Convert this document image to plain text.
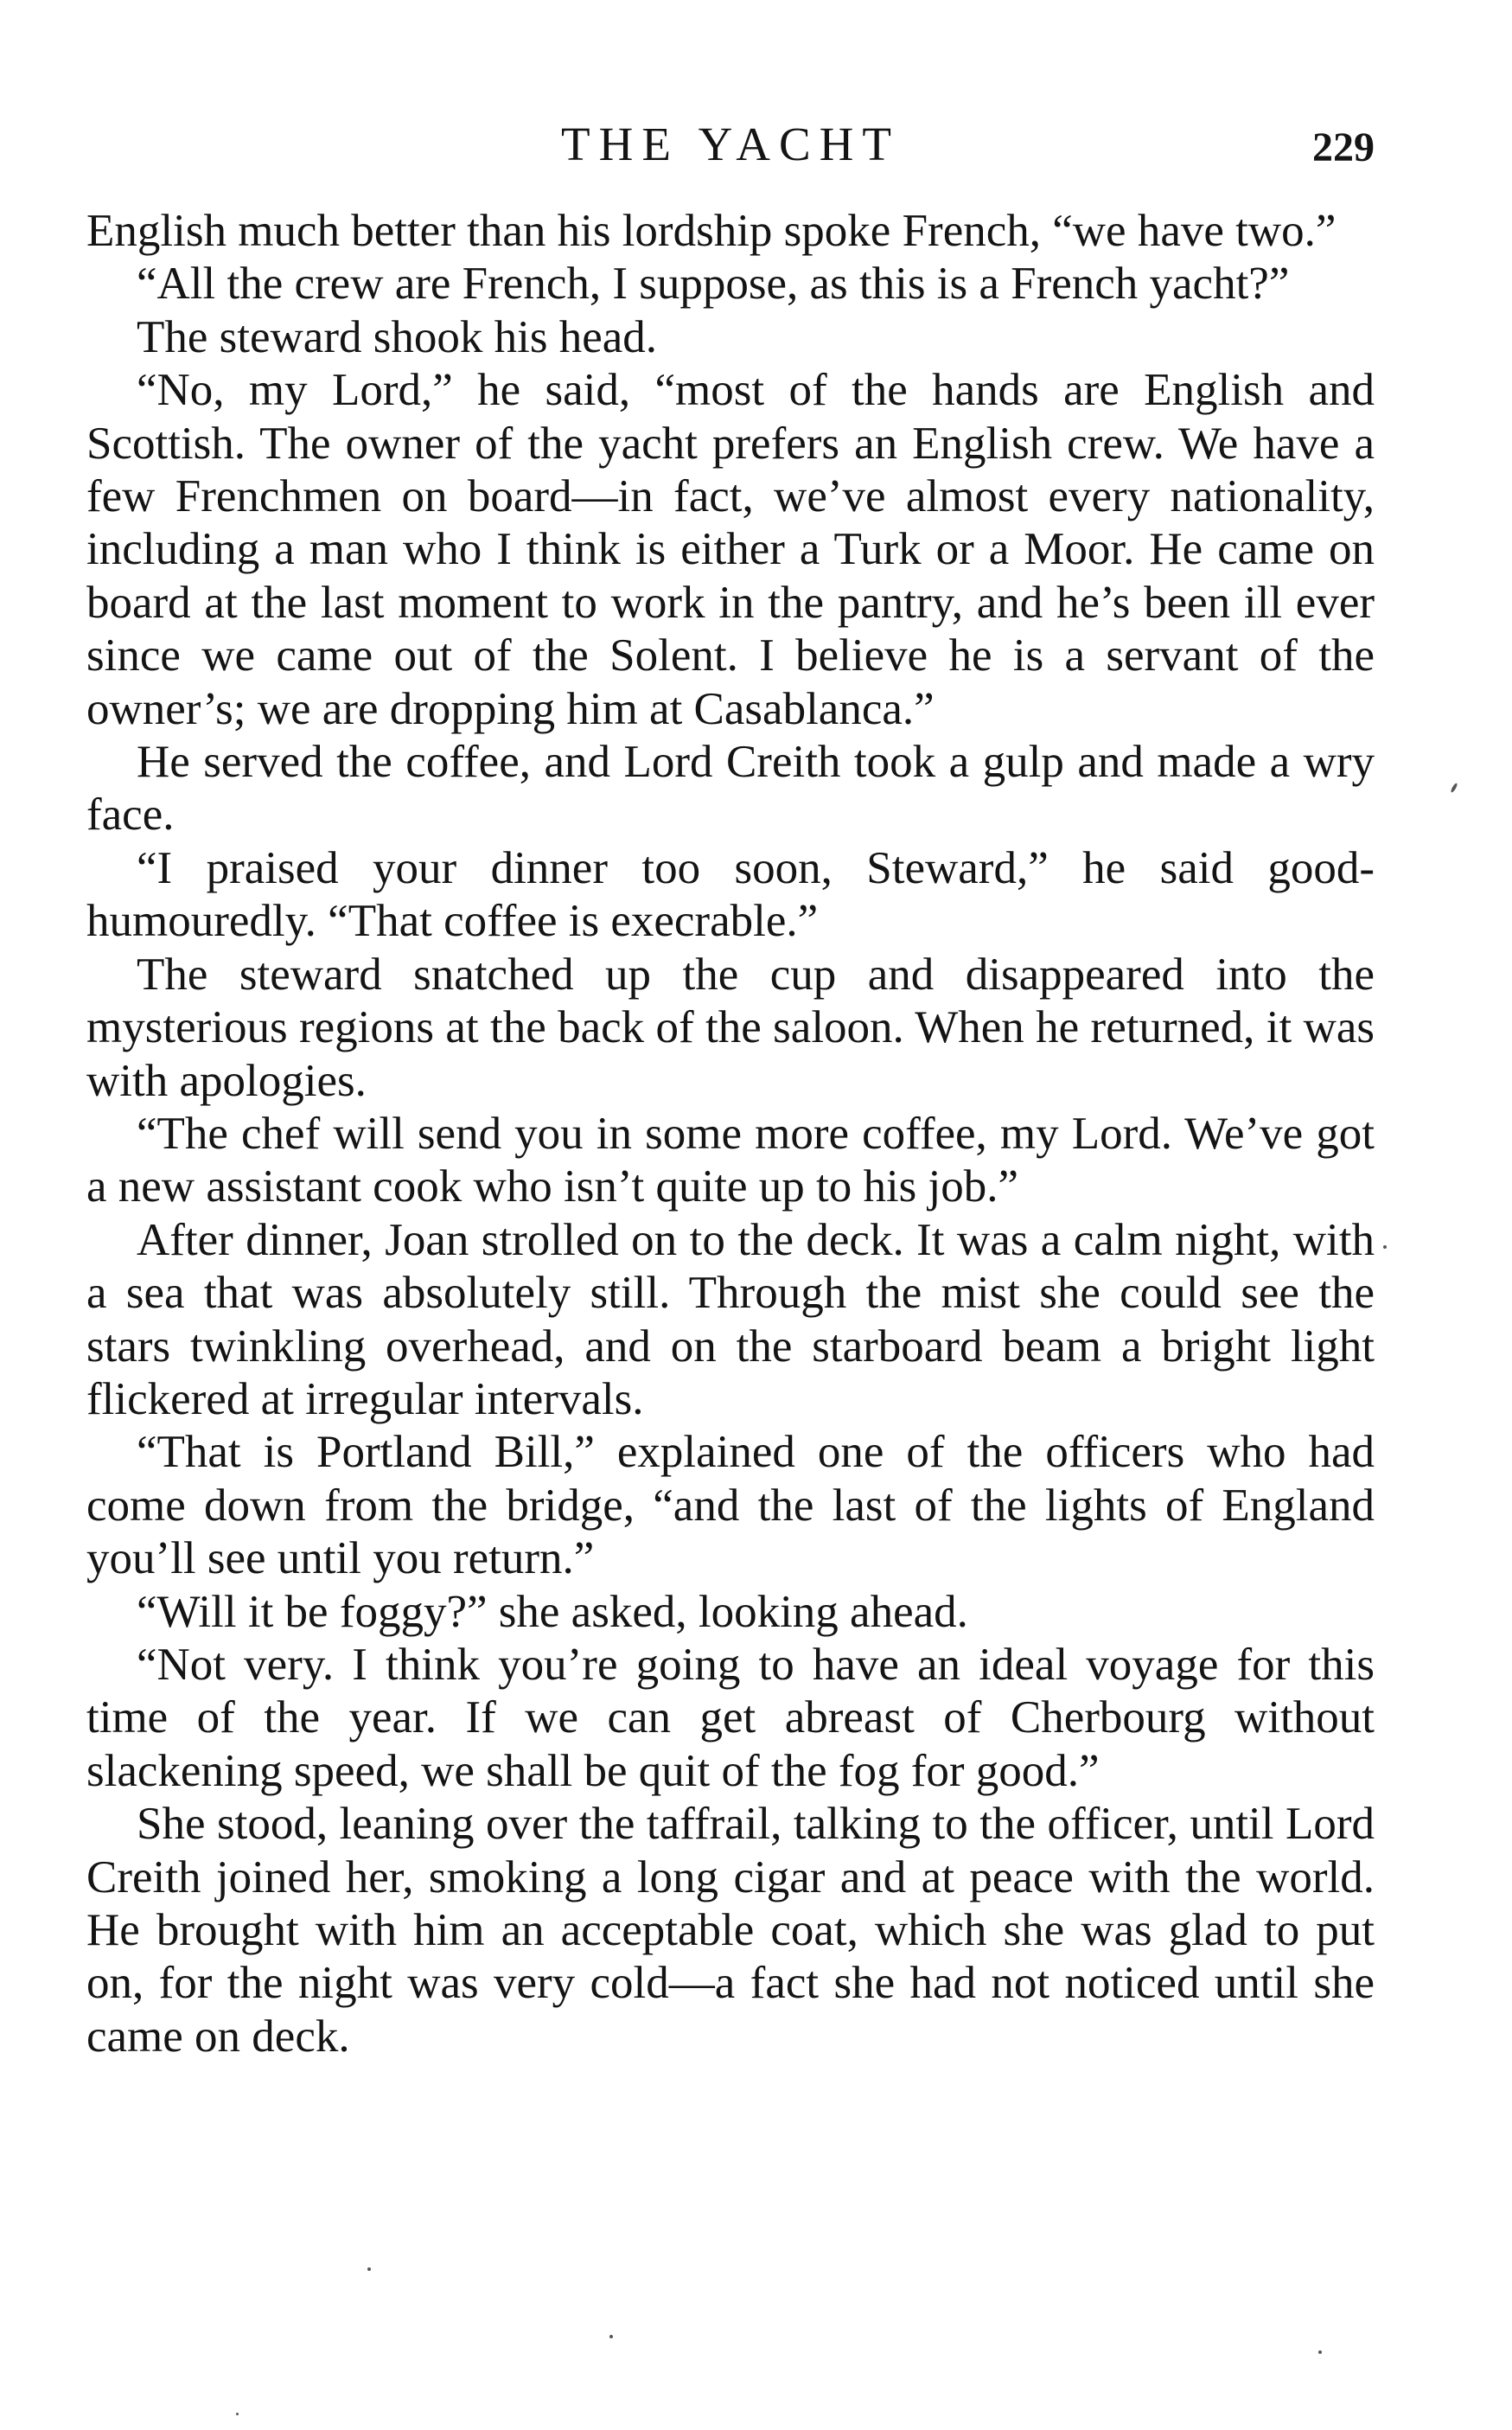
THE YACHT	229

English much better than his lordship spoke French, “we have two.”

“All the crew are French, I suppose, as this is a French yacht?”

The steward shook his head.

“No, my Lord,” he said, “most of the hands are English and Scottish. The owner of the yacht prefers an English crew. We have a few Frenchmen on board—in fact, we’ve almost every nationality, including a man who I think is either a Turk or a Moor. He came on board at the last moment to work in the pantry, and he’s been ill ever since we came out of the Solent. I believe he is a servant of the owner’s; we are dropping him at Casablanca.”

He served the coffee, and Lord Creith took a gulp and made a wry face.

“I praised your dinner too soon, Steward,” he said good-humouredly. “That coffee is execrable.”

The steward snatched up the cup and disappeared into the mysterious regions at the back of the saloon. When he returned, it was with apologies.

“The chef will send you in some more coffee, my Lord. We’ve got a new assistant cook who isn’t quite up to his job.”

After dinner, Joan strolled on to the deck. It was a calm night, with a sea that was absolutely still. Through the mist she could see the stars twinkling overhead, and on the starboard beam a bright light flickered at irregular intervals.

“That is Portland Bill,” explained one of the officers who had come down from the bridge, “and the last of the lights of England you’ll see until you return.”

“Will it be foggy?” she asked, looking ahead.

“Not very. I think you’re going to have an ideal voyage for this time of the year. If we can get abreast of Cherbourg without slackening speed, we shall be quit of the fog for good.”

She stood, leaning over the taffrail, talking to the officer, until Lord Creith joined her, smoking a long cigar and at peace with the world. He brought with him an acceptable coat, which she was glad to put on, for the night was very cold—a fact she had not noticed until she came on deck.
